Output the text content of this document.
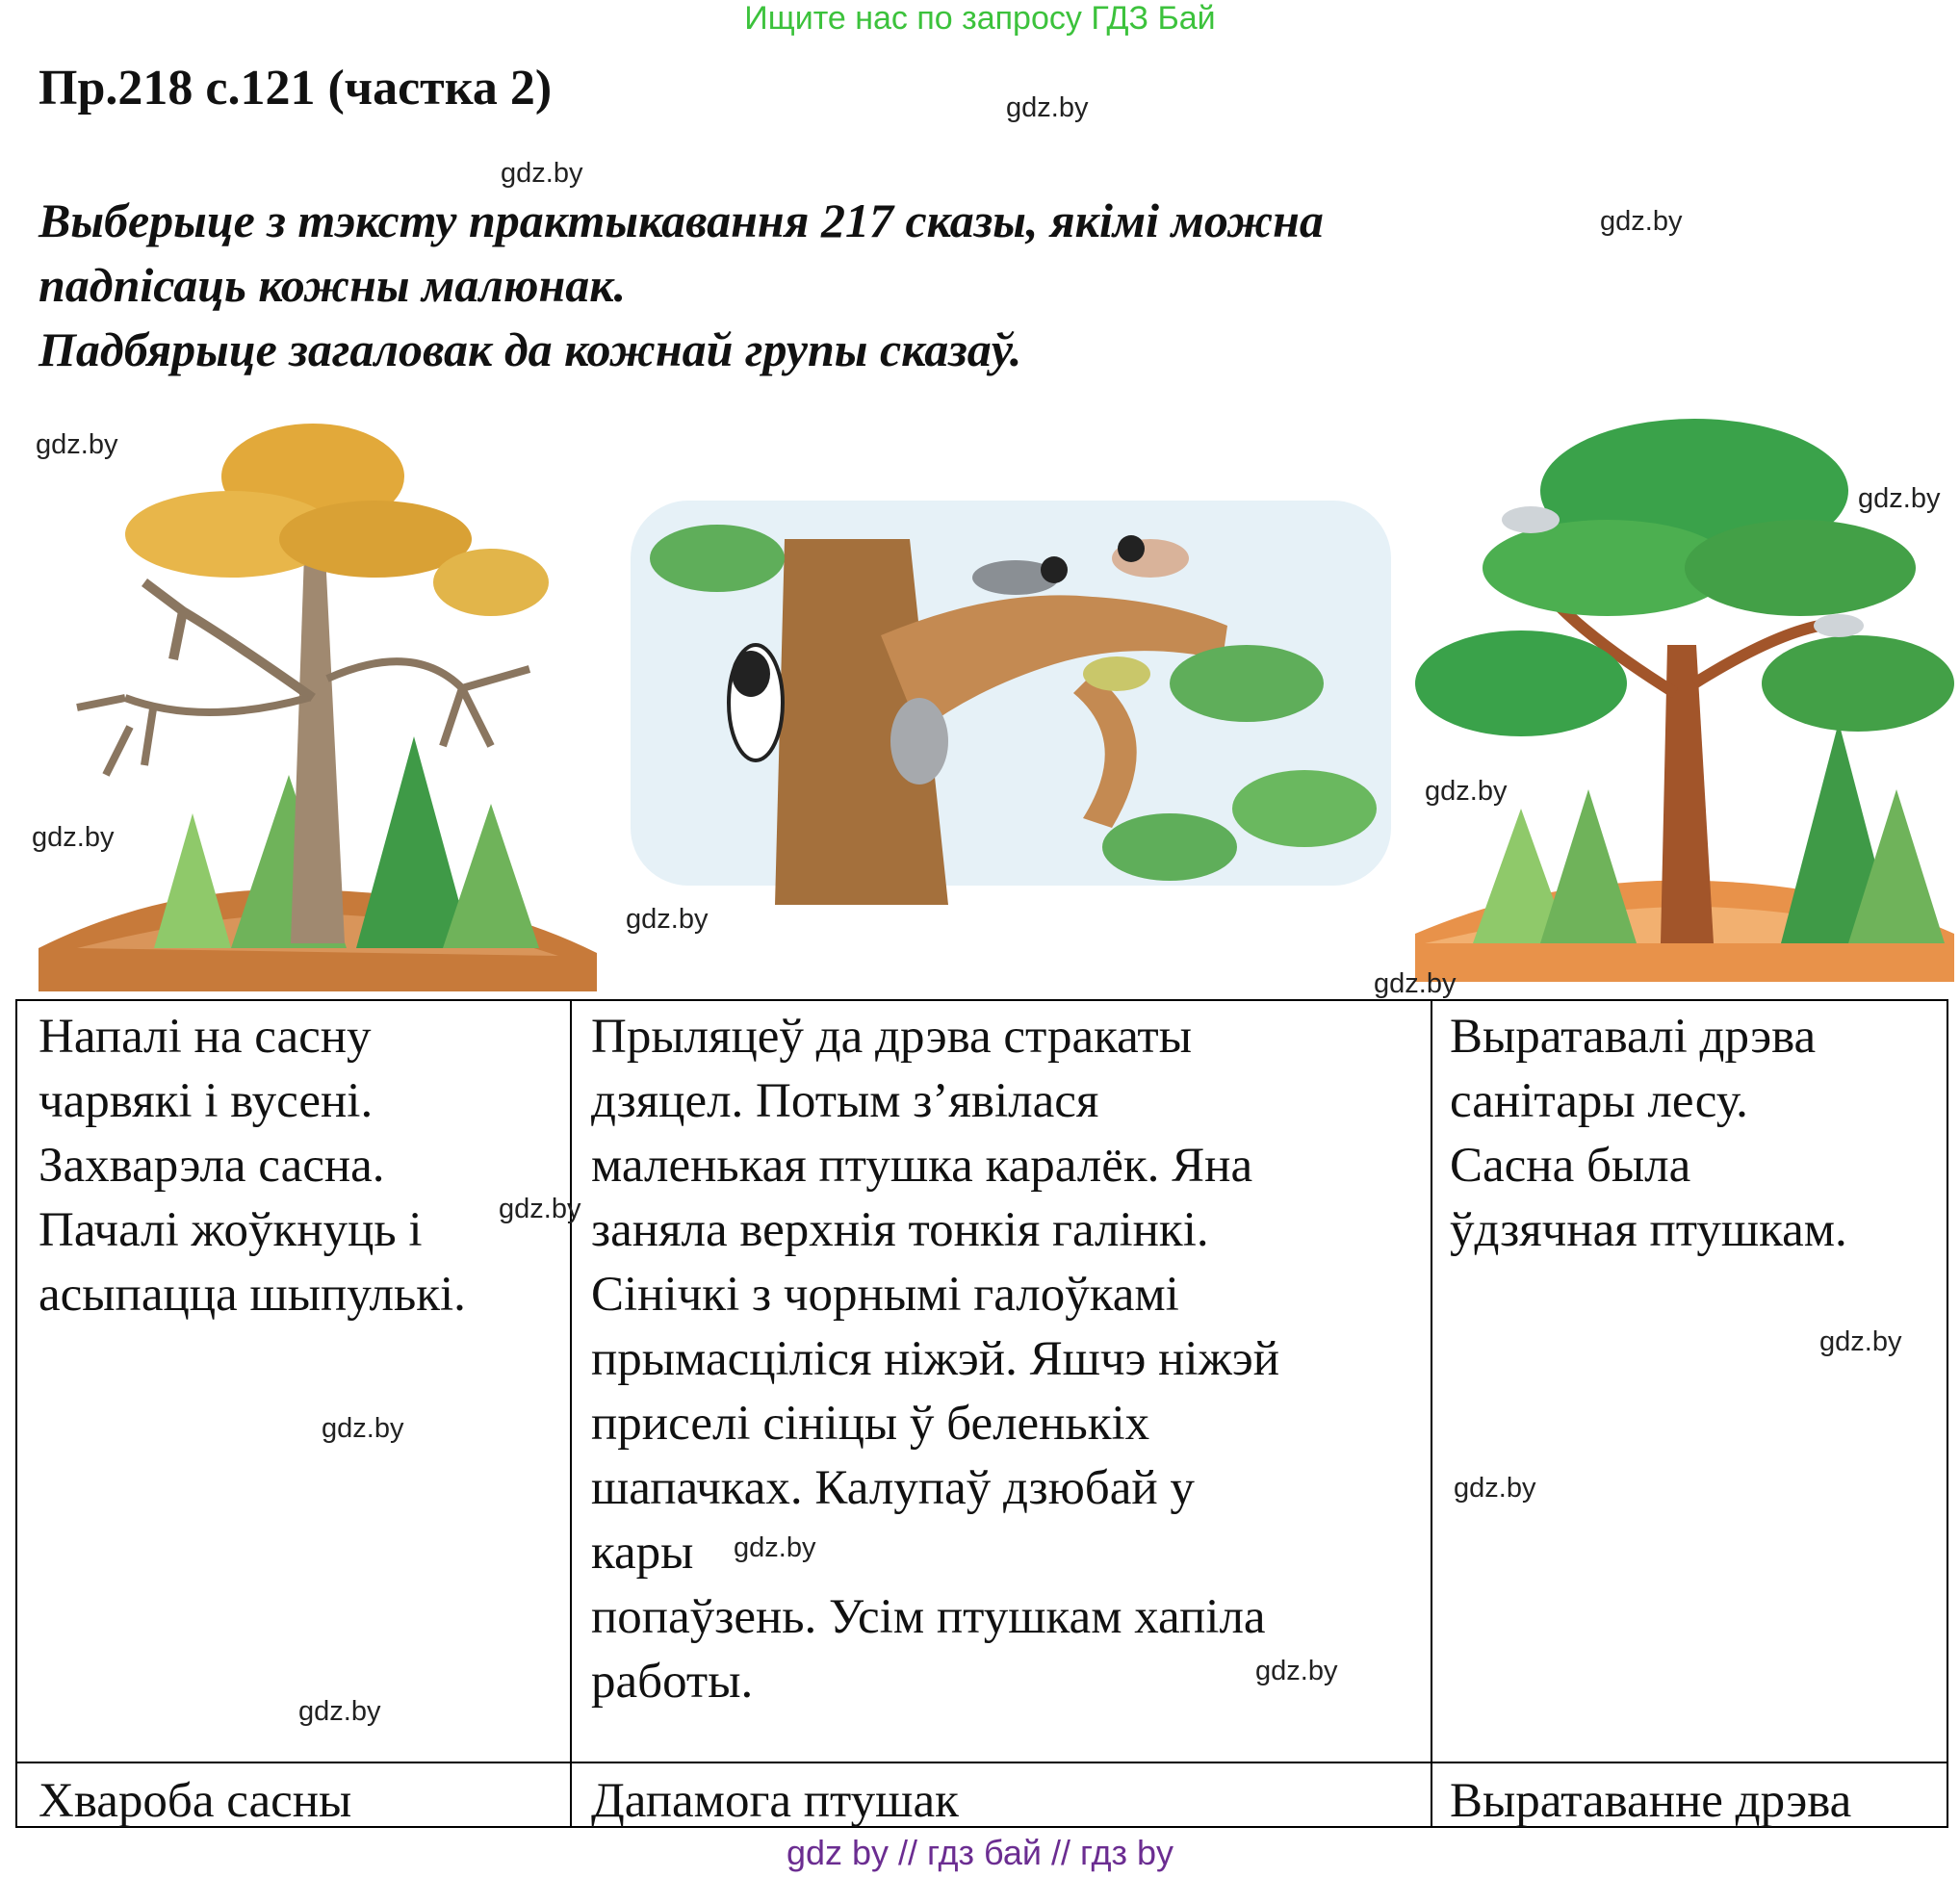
Ищите нас по запросу ГДЗ Бай
Пр.218 с.121 (частка 2)
Выберыце з тэксту практыкавання 217 сказы, якімі можна
падпісаць кожны малюнак.
Падбярыце загаловак да кожнай групы сказаў.
gdz.by
gdz.by
gdz.by
gdz.by
gdz.by
gdz.by
gdz.by
gdz.by
gdz.by
Напалі на сасну
чарвякі і вусені.
Захварэла сасна.
Пачалі жоўкнуць і
асыпацца шыпулькі.
Прыляцеў да дрэва стракаты
дзяцел. Потым з’явілася
маленькая птушка каралёк. Яна
заняла верхнія тонкія галінкі.
Сінічкі з чорнымі галоўкамі
прымасціліся ніжэй. Яшчэ ніжэй
приселі сініцы ў беленькіх
шапачках. Калупаў дзюбай у
кары
попаўзень. Усім птушкам хапіла
работы.
Выратавалі дрэва
санітары лесу.
Сасна была
ўдзячная птушкам.
Хвароба сасны	Дапамога птушак	Выратаванне дрэва
gdz.by
gdz.by
gdz.by
gdz.by
gdz.by
gdz.by
gdz.by
gdz by // гдз бай // гдз by
